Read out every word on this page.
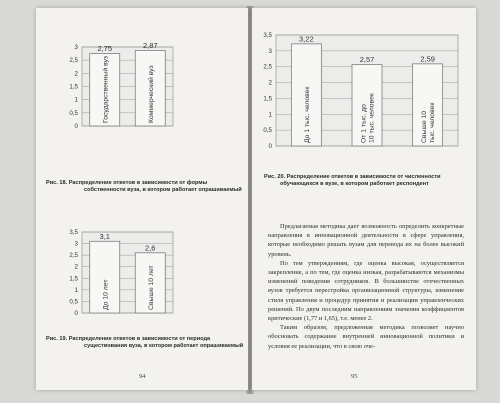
0
0,5
1
1,5
2
2,5
3	2,75
Государственный вуз
2,87
Коммерческий вуз
Рис. 18. Распределение ответов в зависимости от формы
собственности вуза, в котором работает опрашиваемый
0
0,5
1
1,5
2
2,5
3
3,5	3,1
До 10 лет
2,6
Свыше 10 лет
Рис. 19. Распределение ответов в зависимости от периода
существования вуза, в котором работает опрашиваемый
94
0
0,5
1
1,5
2
2,5
3
3,5	3,22
До 1 тыс. человек
2,57
От 1 тыс. до 10 тыс. человек
2,59
Свыше 10 тыс. человек
Рис. 20. Распределение ответов в зависимости от численности
обучающихся в вузе, в котором работает респондент

Предлагаемая методика дает возможность определить конкретные направления в инновационной деятельности в сфере управления, которые необходимо решать вузам для перевода их на более высокий уровень.

По тем утверждениям, где оценка высокая, осуществляется закрепление, а по тем, где оценка низкая, разрабатываются механизмы изменений поведения сотрудников. В большинстве отечественных вузов требуется перестройка организационной структуры, изменение стиля управления и процедур принятия и реализации управленческих решений. По двум последним направлениям значения коэффициентов критические (1,77 и 1,65), т.е. менее 2.

Таким образом, предложенная методика позволяет научно обосновать содержание внутренней инновационной политики и условия ее реализации, что в свою оче-

95
